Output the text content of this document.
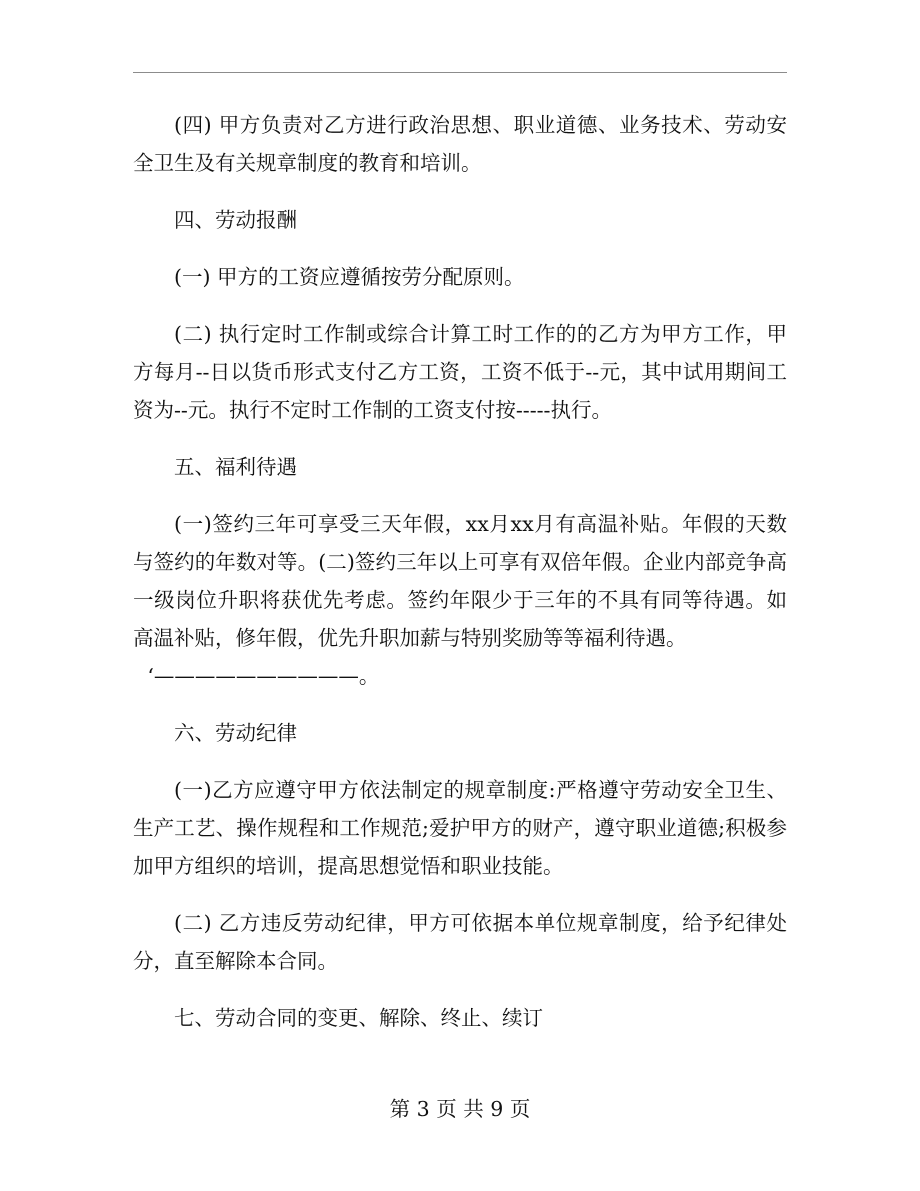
(四) 甲方负责对乙方进行政治思想、职业道德、业务技术、劳动安全卫生及有关规章制度的教育和培训。

四、劳动报酬

(一) 甲方的工资应遵循按劳分配原则。

(二) 执行定时工作制或综合计算工时工作的的乙方为甲方工作，甲方每月--日以货币形式支付乙方工资，工资不低于--元，其中试用期间工资为--元。执行不定时工作制的工资支付按-----执行。

五、福利待遇

(一)签约三年可享受三天年假，xx月xx月有高温补贴。年假的天数与签约的年数对等。(二)签约三年以上可享有双倍年假。企业内部竞争高一级岗位升职将获优先考虑。签约年限少于三年的不具有同等待遇。如高温补贴，修年假，优先升职加薪与特别奖励等等福利待遇。

‘——————————。

六、劳动纪律

(一)乙方应遵守甲方依法制定的规章制度:严格遵守劳动安全卫生、生产工艺、操作规程和工作规范;爱护甲方的财产，遵守职业道德;积极参加甲方组织的培训，提高思想觉悟和职业技能。

(二) 乙方违反劳动纪律，甲方可依据本单位规章制度，给予纪律处分，直至解除本合同。

七、劳动合同的变更、解除、终止、续订

第 3 页 共 9 页
